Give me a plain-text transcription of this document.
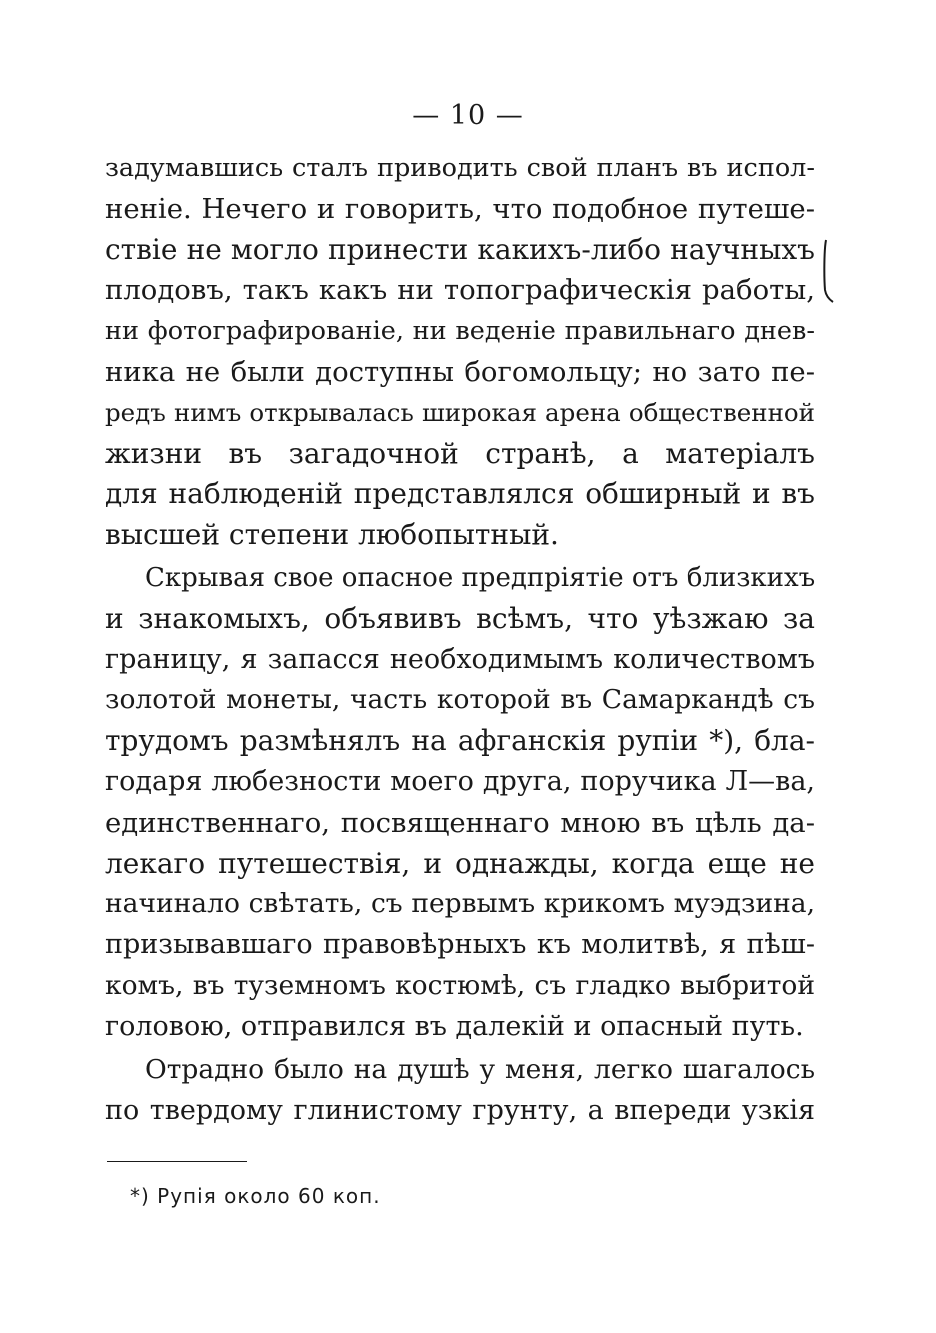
— 10 —
задумавшись сталъ приводить свой планъ въ испол-
неніе. Нечего и говорить, что подобное путеше-
ствіе не могло принести какихъ-либо научныхъ
плодовъ, такъ какъ ни топографическія работы,
ни фотографированіе, ни веденіе правильнаго днев-
ника не были доступны богомольцу; но зато пе-
редъ нимъ открывалась широкая арена общественной
жизни въ загадочной странѣ, а матеріалъ
для наблюденій представлялся обширный и въ
высшей степени любопытный.
Скрывая свое опасное предпріятіе отъ близкихъ
и знакомыхъ, объявивъ всѣмъ, что уѣзжаю за
границу, я запасся необходимымъ количествомъ
золотой монеты, часть которой въ Самаркандѣ съ
трудомъ размѣнялъ на афганскія рупіи *), бла-
годаря любезности моего друга, поручика Л—ва,
единственнаго, посвященнаго мною въ цѣль да-
лекаго путешествія, и однажды, когда еще не
начинало свѣтать, съ первымъ крикомъ муэдзина,
призывавшаго правовѣрныхъ къ молитвѣ, я пѣш-
комъ, въ туземномъ костюмѣ, съ гладко выбритой
головою, отправился въ далекій и опасный путь.
Отрадно было на душѣ у меня, легко шагалось
по твердому глинистому грунту, а впереди узкія
*) Рупія около 60 коп.
